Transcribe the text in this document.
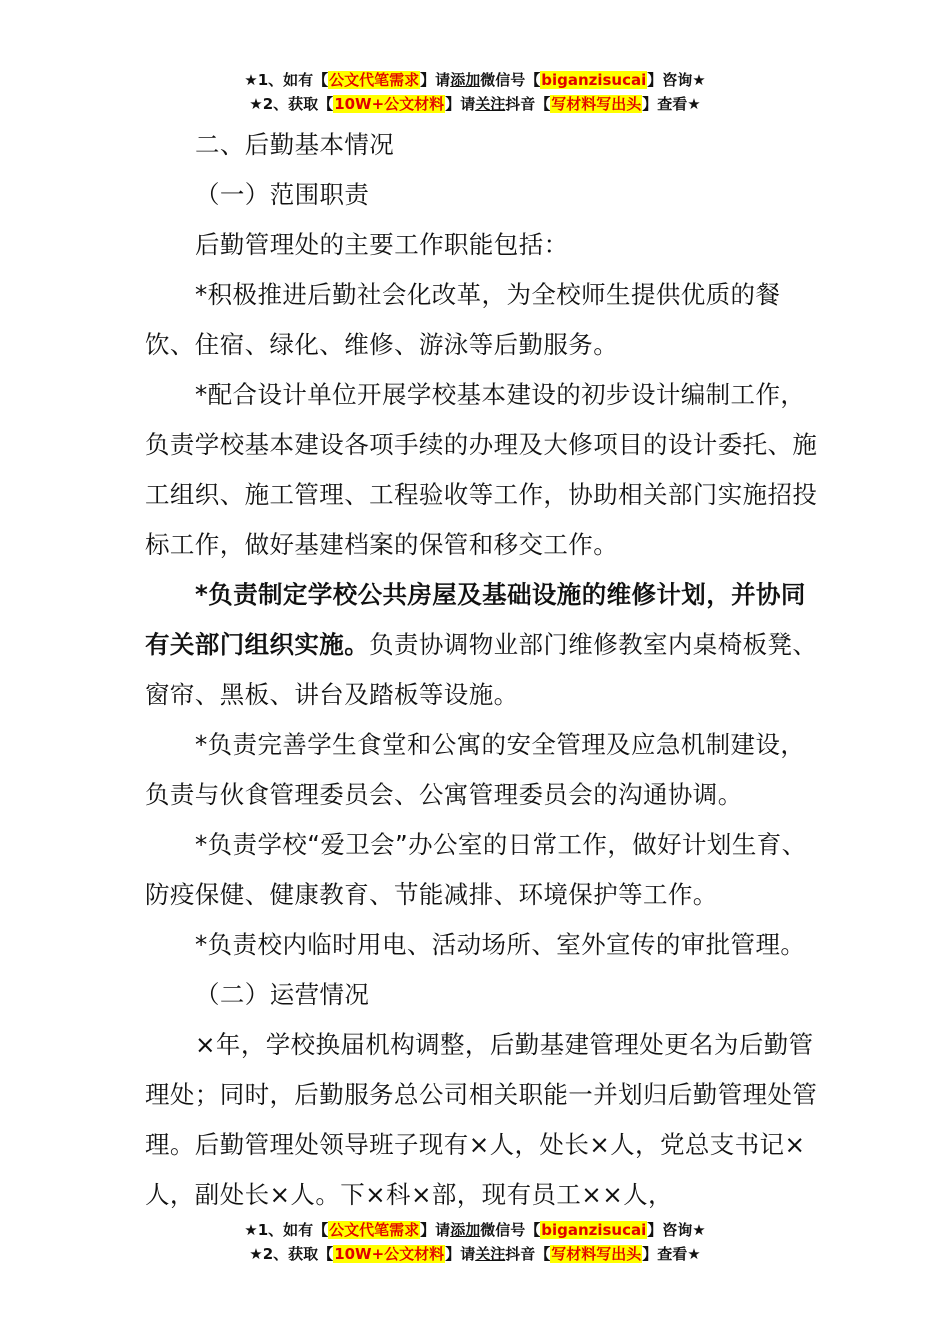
★1、如有【公文代笔需求】请添加微信号【biganzisucai】咨询★
★2、获取【10W+公文材料】请关注抖音【写材料写出头】查看★

二、后勤基本情况

（一）范围职责

后勤管理处的主要工作职能包括：

*积极推进后勤社会化改革，为全校师生提供优质的餐饮、住宿、绿化、维修、游泳等后勤服务。

*配合设计单位开展学校基本建设的初步设计编制工作，负责学校基本建设各项手续的办理及大修项目的设计委托、施工组织、施工管理、工程验收等工作，协助相关部门实施招投标工作，做好基建档案的保管和移交工作。

*负责制定学校公共房屋及基础设施的维修计划，并协同有关部门组织实施。负责协调物业部门维修教室内桌椅板凳、窗帘、黑板、讲台及踏板等设施。

*负责完善学生食堂和公寓的安全管理及应急机制建设，负责与伙食管理委员会、公寓管理委员会的沟通协调。

*负责学校“爱卫会”办公室的日常工作，做好计划生育、防疫保健、健康教育、节能减排、环境保护等工作。

*负责校内临时用电、活动场所、室外宣传的审批管理。

（二）运营情况

×年，学校换届机构调整，后勤基建管理处更名为后勤管理处；同时，后勤服务总公司相关职能一并划归后勤管理处管理。后勤管理处领导班子现有×人，处长×人，党总支书记×人，副处长×人。下×科×部，现有员工××人，

★1、如有【公文代笔需求】请添加微信号【biganzisucai】咨询★
★2、获取【10W+公文材料】请关注抖音【写材料写出头】查看★
